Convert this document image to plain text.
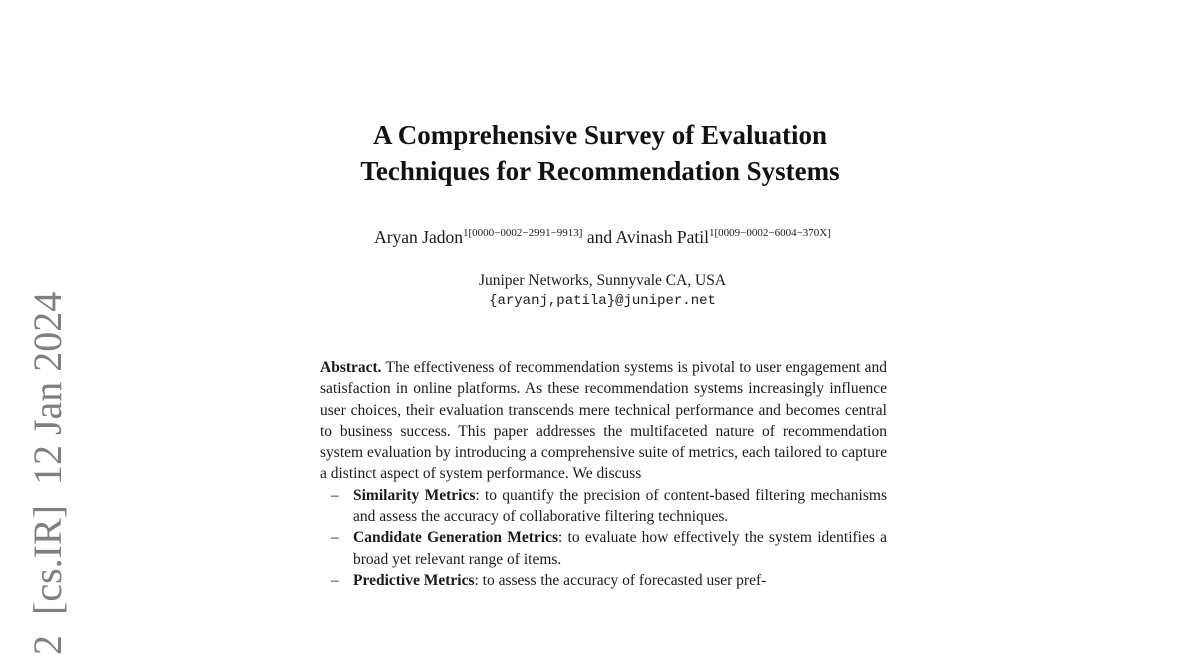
2  [cs.IR]  12 Jan 2024
A Comprehensive Survey of Evaluation
Techniques for Recommendation Systems
Aryan Jadon$^{1[0000-0002-2991-9913]}$ and Avinash Patil$^{1[0009-0002-6004-370X]}$
Juniper Networks, Sunnyvale CA, USA
{aryanj,patila}@juniper.net
Abstract. The effectiveness of recommendation systems is pivotal to user engagement and satisfaction in online platforms. As these recommendation systems increasingly influence user choices, their evaluation transcends mere technical performance and becomes central to business success. This paper addresses the multifaceted nature of recommendation system evaluation by introducing a comprehensive suite of metrics, each tailored to capture a distinct aspect of system performance. We discuss
– Similarity Metrics: to quantify the precision of content-based filtering mechanisms and assess the accuracy of collaborative filtering techniques.
– Candidate Generation Metrics: to evaluate how effectively the system identifies a broad yet relevant range of items.
– Predictive Metrics: to assess the accuracy of forecasted user pref-
